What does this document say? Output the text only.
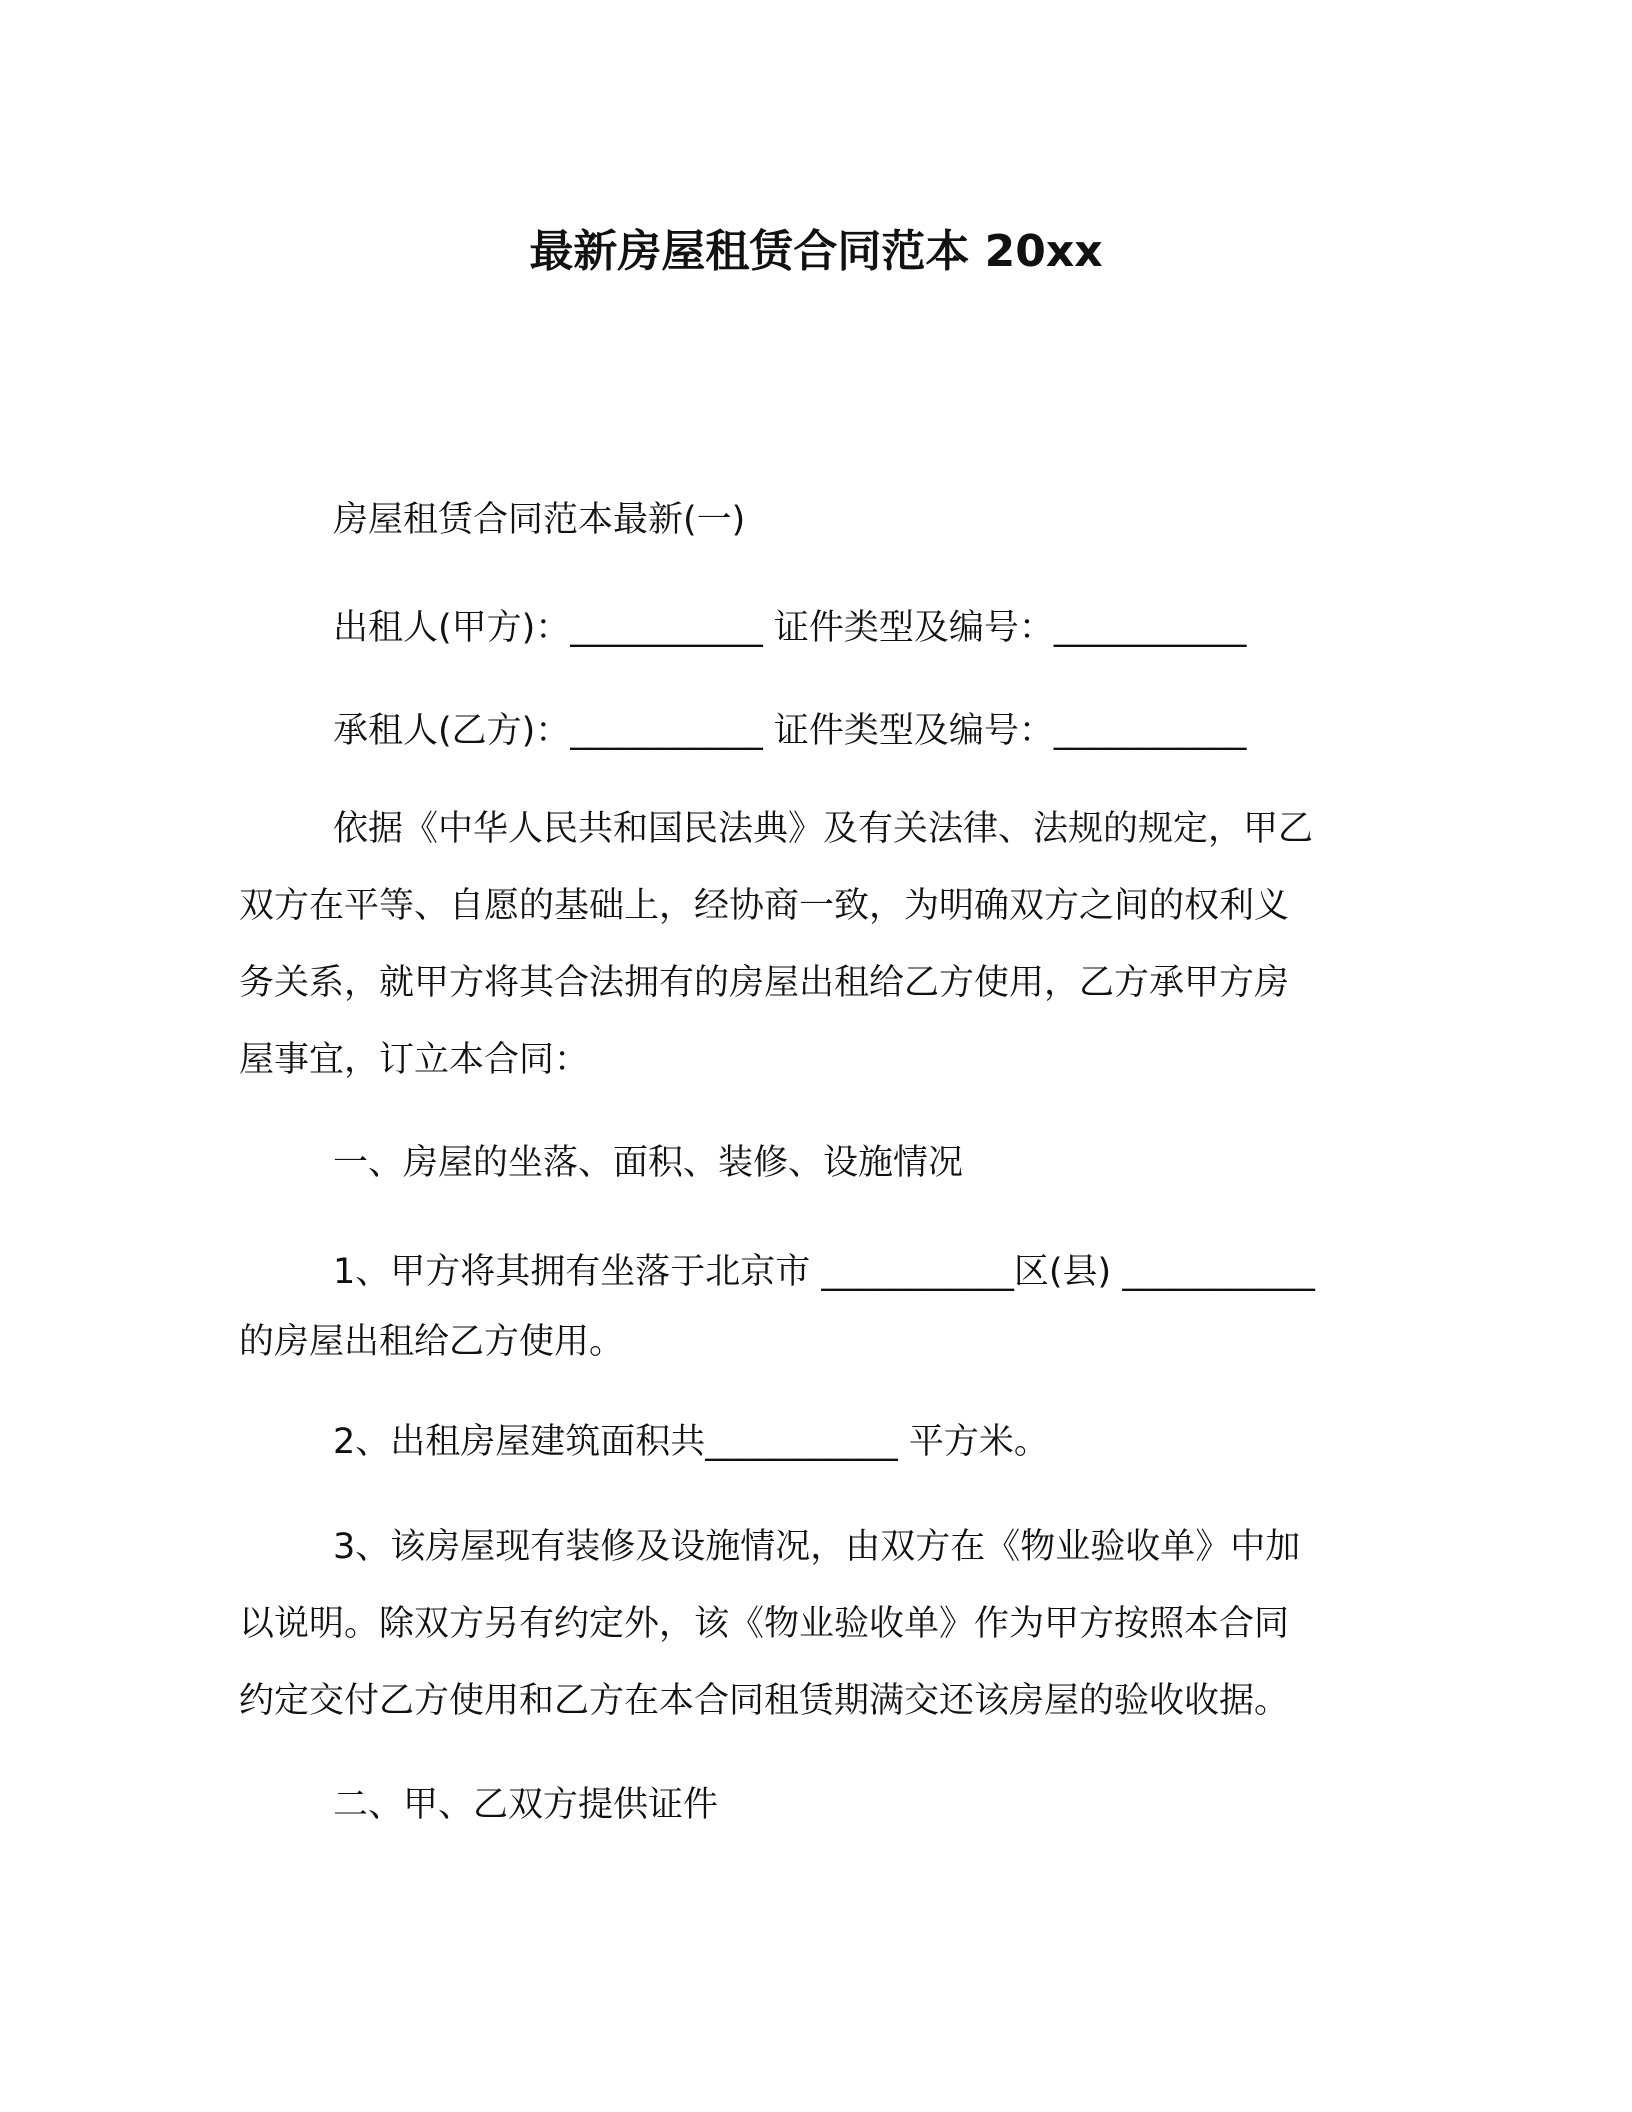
最新房屋租赁合同范本 20xx
房屋租赁合同范本最新(一)
出租人(甲方)：___________ 证件类型及编号：___________
承租人(乙方)：___________ 证件类型及编号：___________
依据《中华人民共和国民法典》及有关法律、法规的规定，甲乙
双方在平等、自愿的基础上，经协商一致，为明确双方之间的权利义
务关系，就甲方将其合法拥有的房屋出租给乙方使用，乙方承甲方房
屋事宜，订立本合同：
一、房屋的坐落、面积、装修、设施情况
1、甲方将其拥有坐落于北京市 ___________区(县) ___________
的房屋出租给乙方使用。
2、出租房屋建筑面积共___________ 平方米。
3、该房屋现有装修及设施情况，由双方在《物业验收单》中加
以说明。除双方另有约定外，该《物业验收单》作为甲方按照本合同
约定交付乙方使用和乙方在本合同租赁期满交还该房屋的验收收据。
二、甲、乙双方提供证件
